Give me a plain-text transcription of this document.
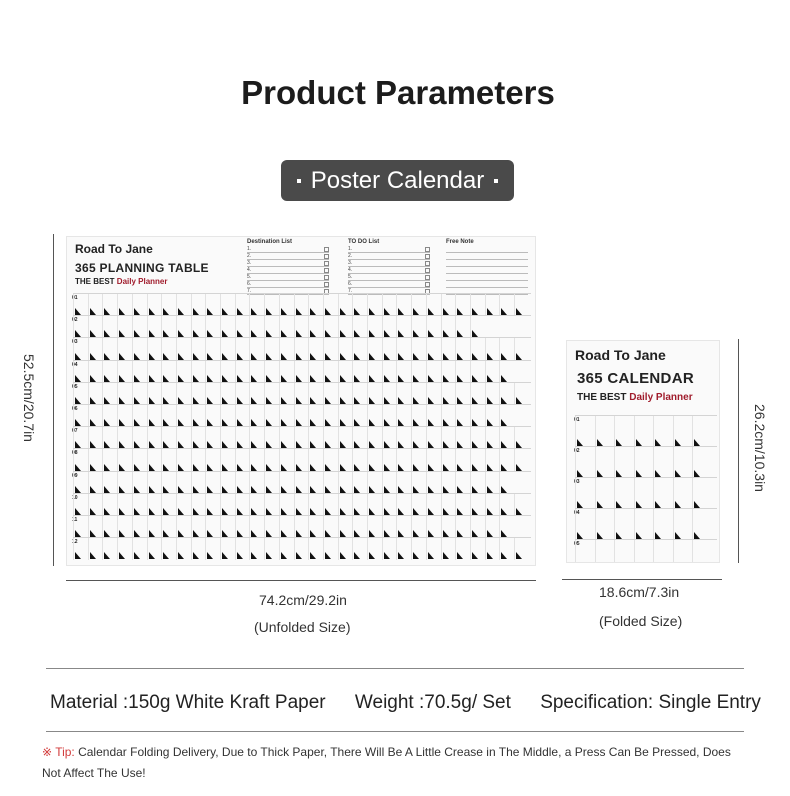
Product Parameters
Poster Calendar
Road To Jane
365 PLANNING TABLE
THE BEST Daily Planner
Destination List
1.
2.
3.
4.
5.
6.
7.
TO DO List
1.
2.
3.
4.
5.
6.
7.
Free Note
01
02
03
04
05
06
07
08
09
10
11
12
Road To Jane
365 CALENDAR
THE BEST Daily Planner
01
02
03
04
05
52.5cm/20.7in
74.2cm/29.2in
(Unfolded Size)
26.2cm/10.3in
18.6cm/7.3in
(Folded Size)
Material :150g White Kraft Paper Weight :70.5g/ Set Specification: Single Entry
※ Tip: Calendar Folding Delivery, Due to Thick Paper, There Will Be A Little Crease in The Middle, a Press Can Be Pressed, Does Not Affect The Use!
